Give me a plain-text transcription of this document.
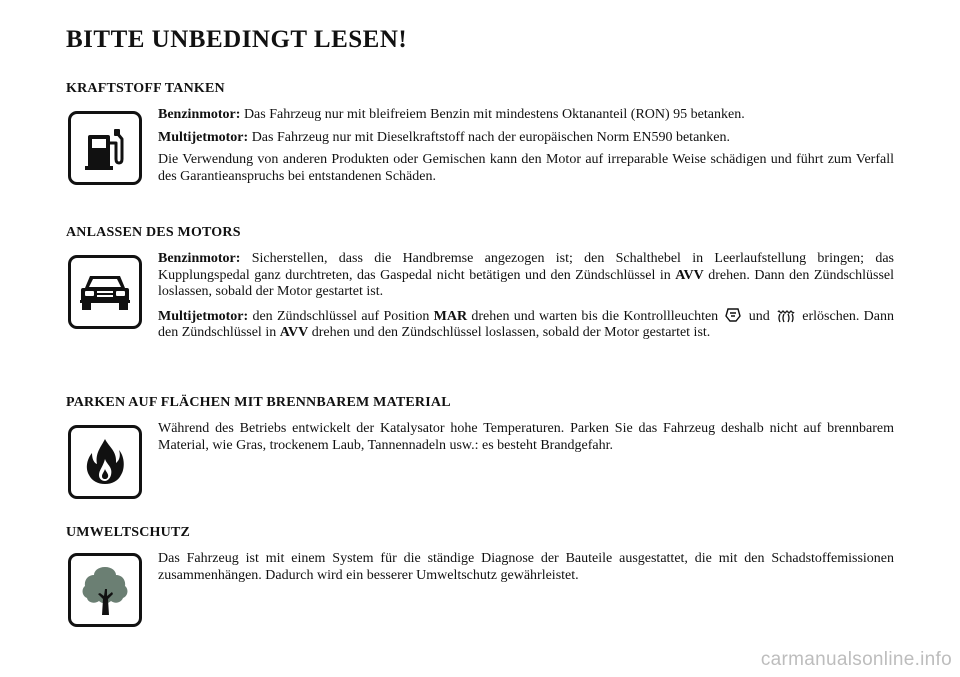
BITTE UNBEDINGT LESEN!
KRAFTSTOFF TANKEN

Benzinmotor: Das Fahrzeug nur mit bleifreiem Benzin mit mindestens Oktananteil (RON) 95 betanken.

Multijetmotor: Das Fahrzeug nur mit Dieselkraftstoff nach der europäischen Norm EN590 betanken.

Die Verwendung von anderen Produkten oder Gemischen kann den Motor auf irreparable Weise schädigen und führt zum Verfall des Garantieanspruchs bei entstandenen Schäden.

ANLASSEN DES MOTORS

Benzinmotor: Sicherstellen, dass die Handbremse angezogen ist; den Schalthebel in Leerlaufstellung bringen; das Kupplungspedal ganz durchtreten, das Gaspedal nicht betätigen und den Zündschlüssel in AVV drehen. Dann den Zündschlüssel loslassen, sobald der Motor gestartet ist.

Multijetmotor: den Zündschlüssel auf Position MAR drehen und warten bis die Kontrollleuchten  und  erlöschen. Dann den Zündschlüssel in AVV drehen und den Zündschlüssel loslassen, sobald der Motor gestartet ist.

PARKEN AUF FLÄCHEN MIT BRENNBAREM MATERIAL

Während des Betriebs entwickelt der Katalysator hohe Temperaturen. Parken Sie das Fahrzeug deshalb nicht auf brennbarem Material, wie Gras, trockenem Laub, Tannennadeln usw.: es besteht Brandgefahr.

UMWELTSCHUTZ

Das Fahrzeug ist mit einem System für die ständige Diagnose der Bauteile ausgestattet, die mit den Schadstoffemissionen zusammenhängen. Dadurch wird ein besserer Umweltschutz gewährleistet.

carmanualsonline.info
